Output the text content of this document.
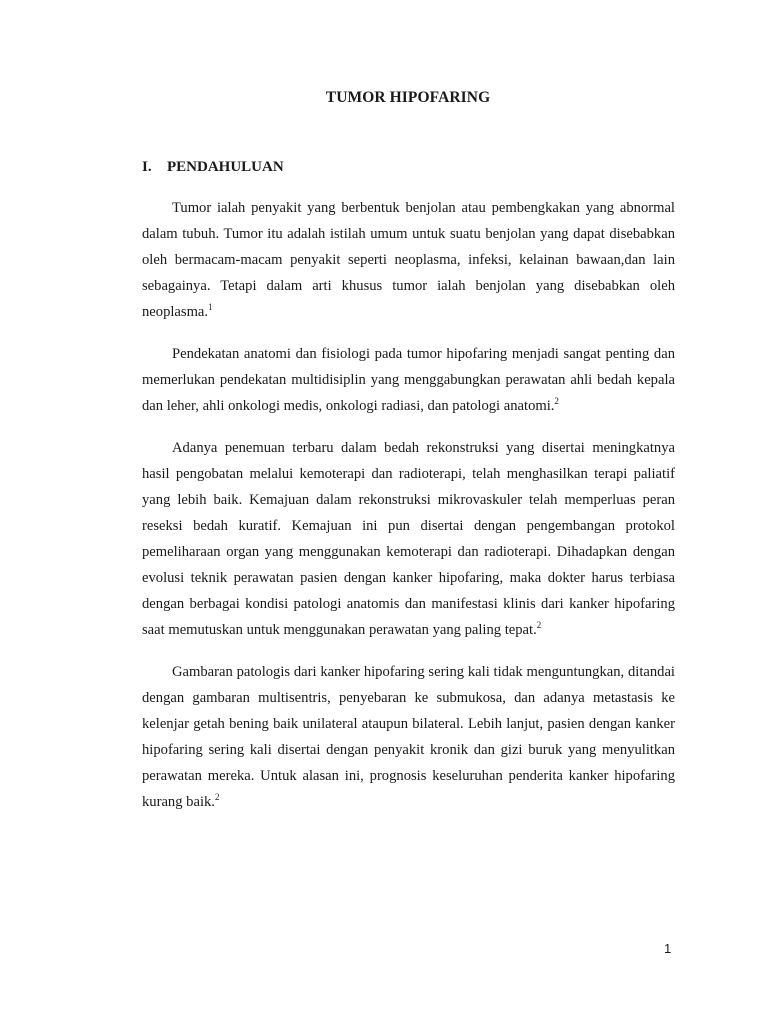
TUMOR HIPOFARING
I. PENDAHULUAN

Tumor ialah penyakit yang berbentuk benjolan atau pembengkakan yang abnormal dalam tubuh. Tumor itu adalah istilah umum untuk suatu benjolan yang dapat disebabkan oleh bermacam-macam penyakit seperti neoplasma, infeksi, kelainan bawaan,dan lain sebagainya. Tetapi dalam arti khusus tumor ialah benjolan yang disebabkan oleh neoplasma.$^1$

Pendekatan anatomi dan fisiologi pada tumor hipofaring menjadi sangat penting dan memerlukan pendekatan multidisiplin yang menggabungkan perawatan ahli bedah kepala dan leher, ahli onkologi medis, onkologi radiasi, dan patologi anatomi.$^2$

Adanya penemuan terbaru dalam bedah rekonstruksi yang disertai meningkatnya hasil pengobatan melalui kemoterapi dan radioterapi, telah menghasilkan terapi paliatif yang lebih baik. Kemajuan dalam rekonstruksi mikrovaskuler telah memperluas peran reseksi bedah kuratif. Kemajuan ini pun disertai dengan pengembangan protokol pemeliharaan organ yang menggunakan kemoterapi dan radioterapi. Dihadapkan dengan evolusi teknik perawatan pasien dengan kanker hipofaring, maka dokter harus terbiasa dengan berbagai kondisi patologi anatomis dan manifestasi klinis dari kanker hipofaring saat memutuskan untuk menggunakan perawatan yang paling tepat.$^2$

Gambaran patologis dari kanker hipofaring sering kali tidak menguntungkan, ditandai dengan gambaran multisentris, penyebaran ke submukosa, dan adanya metastasis ke kelenjar getah bening baik unilateral ataupun bilateral. Lebih lanjut, pasien dengan kanker hipofaring sering kali disertai dengan penyakit kronik dan gizi buruk yang menyulitkan perawatan mereka. Untuk alasan ini, prognosis keseluruhan penderita kanker hipofaring kurang baik.$^2$

1
